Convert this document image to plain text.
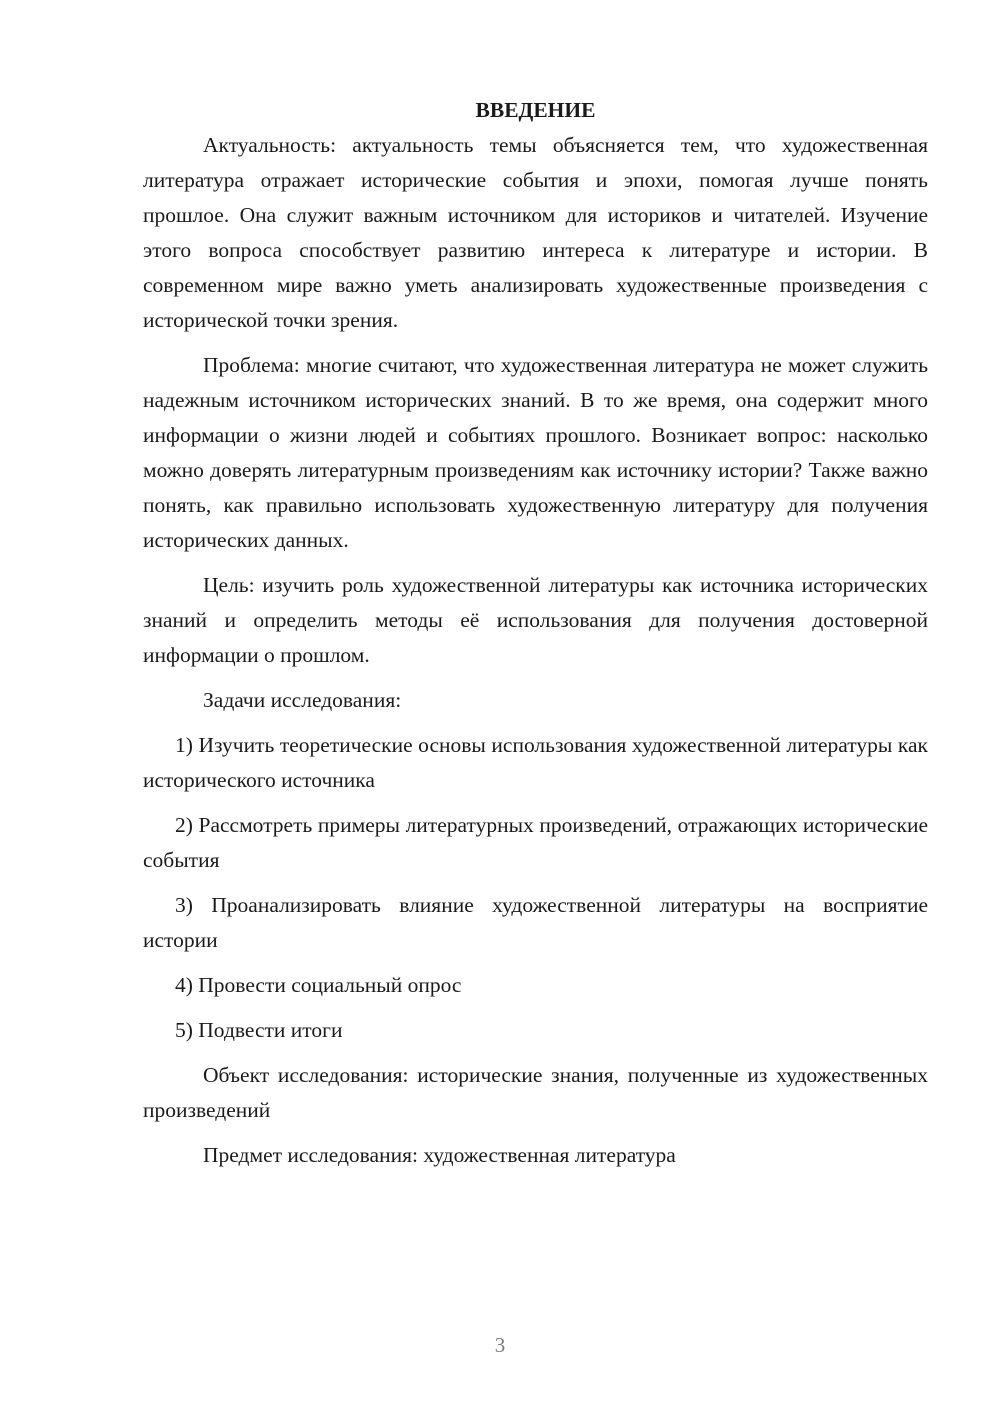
ВВЕДЕНИЕ

Актуальность: актуальность темы объясняется тем, что художественная литература отражает исторические события и эпохи, помогая лучше понять прошлое. Она служит важным источником для историков и читателей. Изучение этого вопроса способствует развитию интереса к литературе и истории. В современном мире важно уметь анализировать художественные произведения с исторической точки зрения.

Проблема: многие считают, что художественная литература не может служить надежным источником исторических знаний. В то же время, она содержит много информации о жизни людей и событиях прошлого. Возникает вопрос: насколько можно доверять литературным произведениям как источнику истории? Также важно понять, как правильно использовать художественную литературу для получения исторических данных.

Цель: изучить роль художественной литературы как источника исторических знаний и определить методы её использования для получения достоверной информации о прошлом.

Задачи исследования:

1) Изучить теоретические основы использования художественной литературы как исторического источника

2) Рассмотреть примеры литературных произведений, отражающих исторические события

3) Проанализировать влияние художественной литературы на восприятие истории

4) Провести социальный опрос

5) Подвести итоги

Объект исследования: исторические знания, полученные из художественных произведений

Предмет исследования: художественная литература

3
